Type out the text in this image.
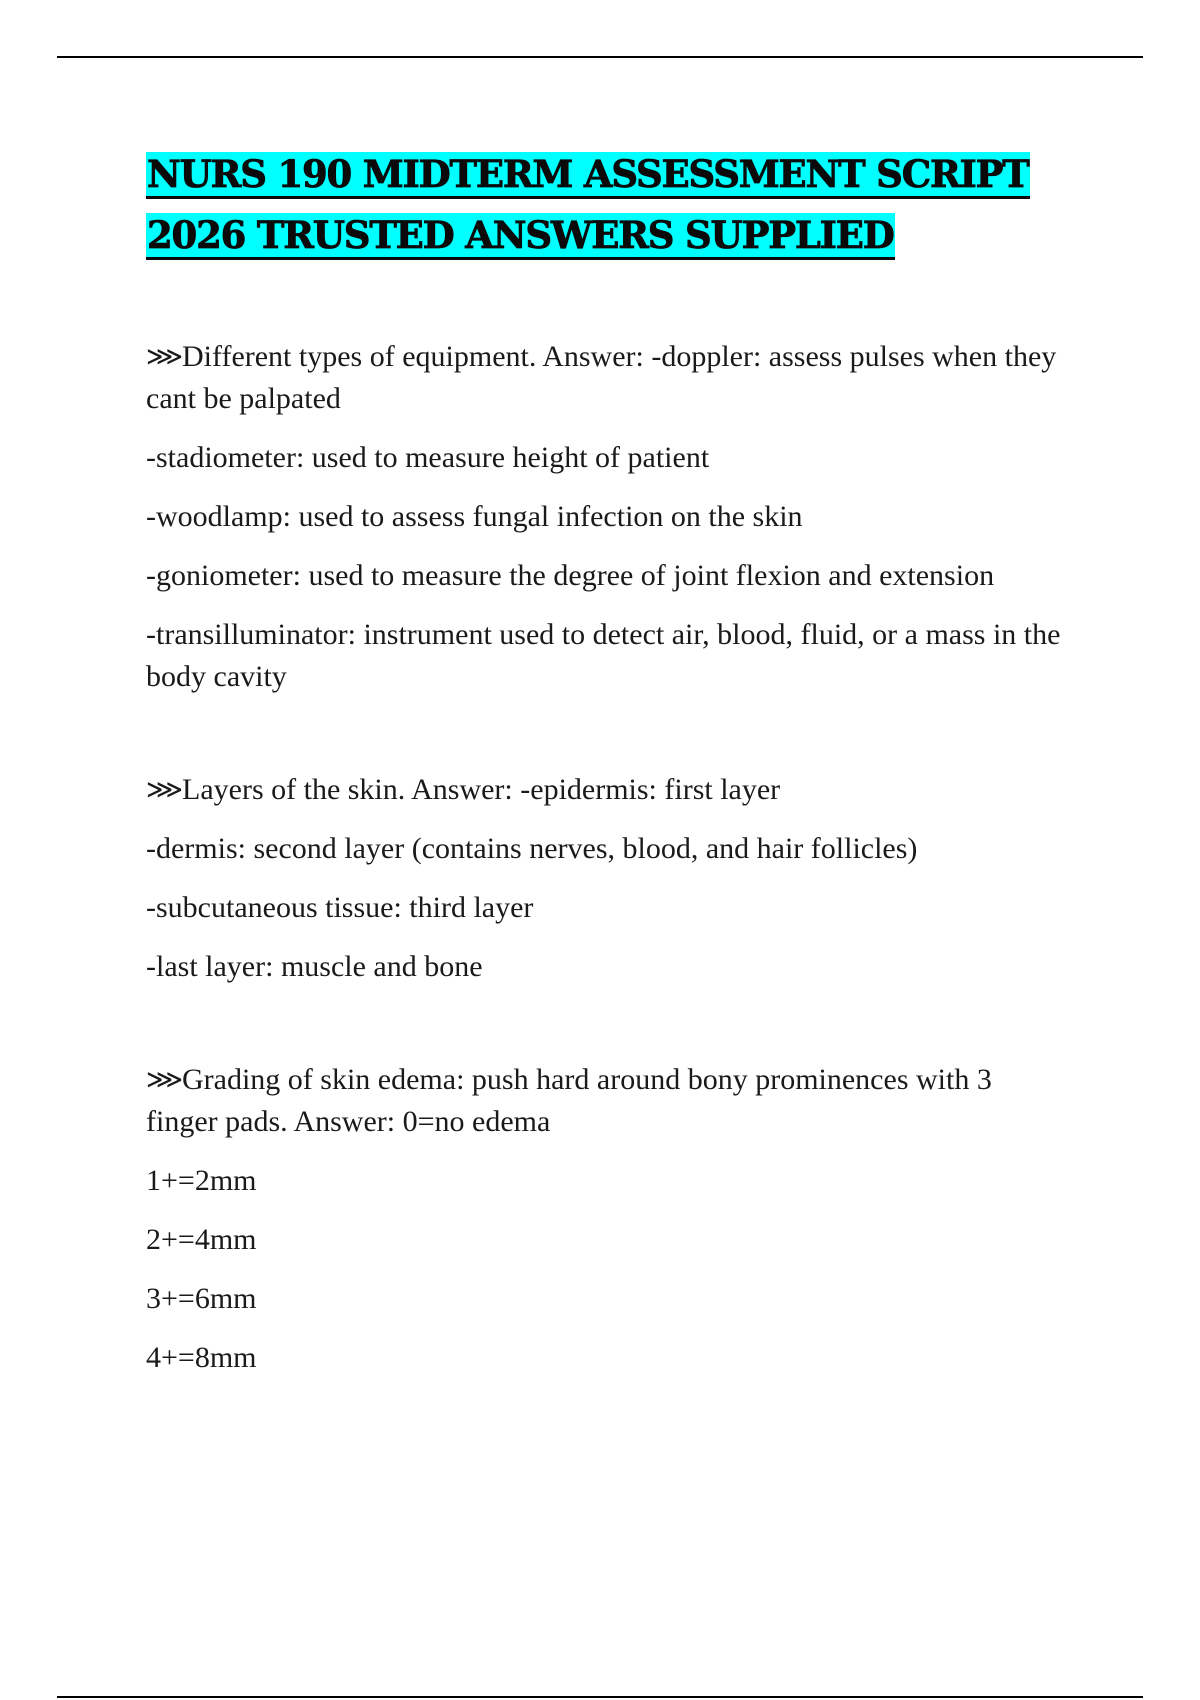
NURS 190 MIDTERM ASSESSMENT SCRIPT
2026 TRUSTED ANSWERS SUPPLIED

⋙Different types of equipment. Answer: -doppler: assess pulses when they cant be palpated

-stadiometer: used to measure height of patient

-woodlamp: used to assess fungal infection on the skin

-goniometer: used to measure the degree of joint flexion and extension

-transilluminator: instrument used to detect air, blood, fluid, or a mass in the body cavity

⋙Layers of the skin. Answer: -epidermis: first layer

-dermis: second layer (contains nerves, blood, and hair follicles)

-subcutaneous tissue: third layer

-last layer: muscle and bone

⋙Grading of skin edema: push hard around bony prominences with 3 finger pads. Answer: 0=no edema

1+=2mm

2+=4mm

3+=6mm

4+=8mm
